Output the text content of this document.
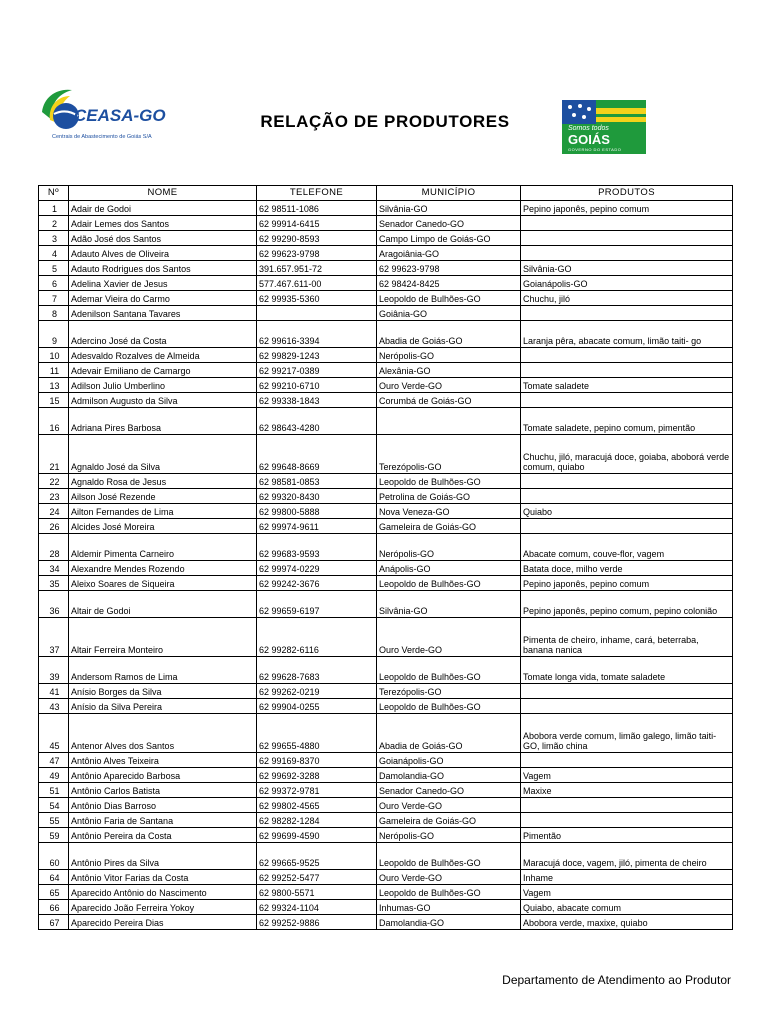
CEASA-GO
Centrais de Abastecimento de Goiás S/A
RELAÇÃO DE PRODUTORES	Somos todos
GOIÁS
GOVERNO DO ESTADO
Nº	NOME	TELEFONE	MUNICÍPIO	PRODUTOS
1	Adair de Godoi	62 98511-1086	Silvânia-GO	Pepino japonês, pepino comum
2	Adair Lemes dos Santos	62 99914-6415	Senador Canedo-GO	
3	Adão José dos Santos	62 99290-8593	Campo Limpo de Goiás-GO	
4	Adauto Alves de Oliveira	62 99623-9798	Aragoiânia-GO	
5	Adauto Rodrigues dos Santos	391.657.951-72	62 99623-9798	Silvânia-GO
6	Adelina Xavier de Jesus	577.467.611-00	62 98424-8425	Goianápolis-GO
7	Ademar Vieira do Carmo	62 99935-5360	Leopoldo de Bulhões-GO	Chuchu, jiló
8	Adenilson Santana Tavares		Goiânia-GO	
9	Adercino José da Costa	62 99616-3394	Abadia de Goiás-GO	Laranja pêra, abacate comum, limão taiti- go
10	Adesvaldo Rozalves de Almeida	62 99829-1243	Nerópolis-GO	
11	Adevair Emiliano de Camargo	62 99217-0389	Alexânia-GO	
13	Adilson Julio Umberlino	62 99210-6710	Ouro Verde-GO	Tomate saladete
15	Admilson Augusto da Silva	62 99338-1843	Corumbá de Goiás-GO	
16	Adriana Pires Barbosa	62 98643-4280		Tomate saladete, pepino comum, pimentão
21	Agnaldo José da Silva	62 99648-8669	Terezópolis-GO	Chuchu, jiló, maracujá doce, goiaba, aboborá verde comum, quiabo
22	Agnaldo Rosa de Jesus	62 98581-0853	Leopoldo de Bulhões-GO	
23	Ailson José Rezende	62 99320-8430	Petrolina de Goiás-GO	
24	Ailton Fernandes de Lima	62 99800-5888	Nova Veneza-GO	Quiabo
26	Alcides José Moreira	62 99974-9611	Gameleira de Goiás-GO	
28	Aldemir Pimenta Carneiro	62 99683-9593	Nerópolis-GO	Abacate comum, couve-flor, vagem
34	Alexandre Mendes Rozendo	62 99974-0229	Anápolis-GO	Batata doce, milho verde
35	Aleixo Soares de Siqueira	62 99242-3676	Leopoldo de Bulhões-GO	Pepino japonês, pepino comum
36	Altair de Godoi	62 99659-6197	Silvânia-GO	Pepino japonês, pepino comum, pepino colonião
37	Altair Ferreira Monteiro	62 99282-6116	Ouro Verde-GO	Pimenta de cheiro, inhame, cará, beterraba, banana nanica
39	Andersom Ramos de Lima	62 99628-7683	Leopoldo de Bulhões-GO	Tomate longa vida, tomate saladete
41	Anísio Borges da Silva	62 99262-0219	Terezópolis-GO	
43	Anísio da Silva Pereira	62 99904-0255	Leopoldo de Bulhões-GO	
45	Antenor Alves dos Santos	62 99655-4880	Abadia de Goiás-GO	Abobora verde comum, limão galego, limão taiti- GO, limão china
47	Antônio Alves Teixeira	62 99169-8370	Goianápolis-GO	
49	Antônio Aparecido Barbosa	62 99692-3288	Damolandia-GO	Vagem
51	Antônio Carlos Batista	62 99372-9781	Senador Canedo-GO	Maxixe
54	Antônio Dias Barroso	62 99802-4565	Ouro Verde-GO	
55	Antônio Faria de Santana	62 98282-1284	Gameleira de Goiás-GO	
59	Antônio Pereira da Costa	62 99699-4590	Nerópolis-GO	Pimentão
60	Antônio Pires da Silva	62 99665-9525	Leopoldo de Bulhões-GO	Maracujá doce, vagem, jiló, pimenta de cheiro
64	Antônio Vitor Farias da Costa	62 99252-5477	Ouro Verde-GO	Inhame
65	Aparecido Antônio do Nascimento	62 9800-5571	Leopoldo de Bulhões-GO	Vagem
66	Aparecido João Ferreira Yokoy	62 99324-1104	Inhumas-GO	Quiabo, abacate comum
67	Aparecido Pereira Dias	62 99252-9886	Damolandia-GO	Abobora verde, maxixe, quiabo
Departamento de Atendimento ao Produtor
